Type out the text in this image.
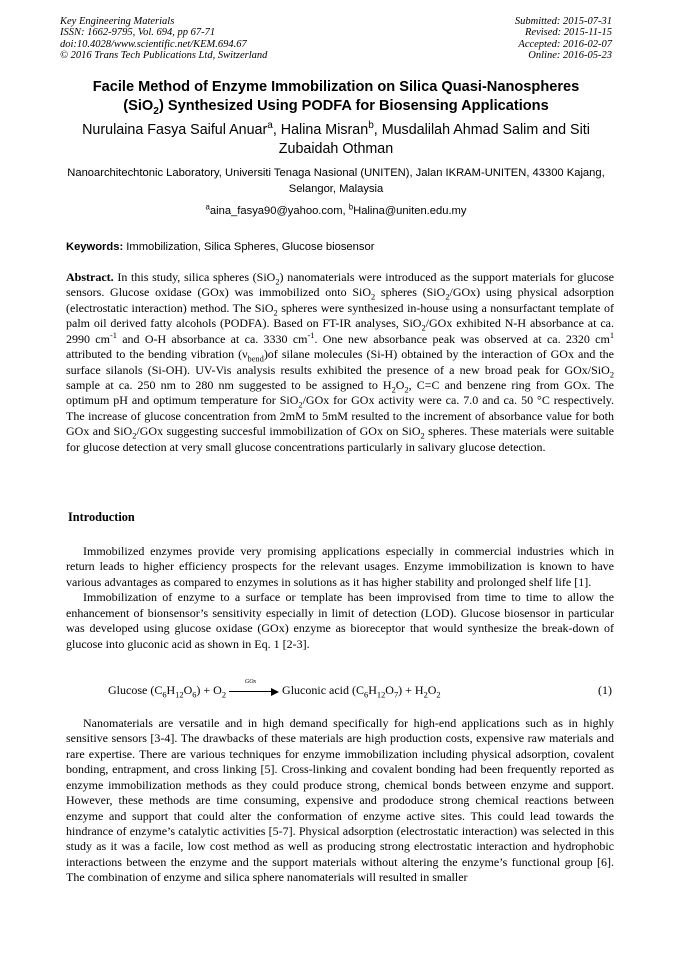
Key Engineering Materials
ISSN: 1662-9795, Vol. 694, pp 67-71
doi:10.4028/www.scientific.net/KEM.694.67
© 2016 Trans Tech Publications Ltd, Switzerland
Submitted: 2015-07-31
Revised: 2015-11-15
Accepted: 2016-02-07
Online: 2016-05-23
Facile Method of Enzyme Immobilization on Silica Quasi-Nanospheres
(SiO$_2$) Synthesized Using PODFA for Biosensing Applications
Nurulaina Fasya Saiful Anuar$^a$, Halina Misran$^b$, Musdalilah Ahmad Salim and Siti Zubaidah Othman
Nanoarchitechtonic Laboratory, Universiti Tenaga Nasional (UNITEN), Jalan IKRAM-UNITEN, 43300 Kajang, Selangor, Malaysia
$^a$aina_fasya90@yahoo.com, $^b$Halina@uniten.edu.my
Keywords: Immobilization, Silica Spheres, Glucose biosensor

Abstract. In this study, silica spheres (SiO$_2$) nanomaterials were introduced as the support materials for glucose sensors. Glucose oxidase (GOx) was immobilized onto SiO$_2$ spheres (SiO$_2$/GOx) using physical adsorption (electrostatic interaction) method. The SiO$_2$ spheres were synthesized in-house using a nonsurfactant template of palm oil derived fatty alcohols (PODFA). Based on FT-IR analyses, SiO$_2$/GOx exhibited N-H absorbance at ca. 2990 $cm^{-1}$ and O-H absorbance at ca. 3330 $cm^{-1}$. One new absorbance peak was observed at ca. 2320 $cm^1$ attributed to the bending vibration $(\nu_{bend})of$ silane molecules (Si-H) obtained by the interaction of GOx and the surface silanols (Si-OH). UV-Vis analysis results exhibited the presence of a new broad peak for GOx/SiO$_2$ sample at ca. 250 nm to 280 nm suggested to be assigned to $H_2O_2$, C=C and benzene ring from GOx. The optimum pH and optimum temperature for SiO$_2$/GOx for GOx activity were ca. 7.0 and ca. 50 °C respectively. The increase of glucose concentration from 2mM to 5mM resulted to the increment of absorbance value for both GOx and SiO$_2$/GOx suggesting succesful immobilization of GOx on SiO$_2$ spheres. These materials were suitable for glucose detection at very small glucose concentrations particularly in salivary glucose detection.

Introduction

Immobilized enzymes provide very promising applications especially in commercial industries which in return leads to higher efficiency prospects for the relevant usages. Enzyme immobilization is known to have various advantages as compared to enzymes in solutions as it has higher stability and prolonged shelf life [1].

Immobilization of enzyme to a surface or template has been improvised from time to time to allow the enhancement of bionsensor’s sensitivity especially in limit of detection (LOD). Glucose biosensor in particular was developed using glucose oxidase (GOx) enzyme as bioreceptor that would synthesize the break-down of glucose into gluconic acid as shown in Eq. 1 [2-3].

Glucose $(C_6H_{12}O_6) + O_2$
GOx
Gluconic acid $(C_6H_{12}O_7) + H_2O_2$	(1)

Nanomaterials are versatile and in high demand specifically for high-end applications such as in highly sensitive sensors [3-4]. The drawbacks of these materials are high production costs, expensive raw materials and rare expertise. There are various techniques for enzyme immobilization including physical adsorption, covalent bonding, entrapment, and cross linking [5]. Cross-linking and covalent bonding had been frequently reported as enzyme immobilization methods as they could produce strong, chemical bonds between enzyme and support. However, these methods are time consuming, expensive and prododuce strong chemical reactions between enzyme and support that could alter the conformation of enzyme active sites. This could lead towards the hindrance of enzyme’s catalytic activities [5-7]. Physical adsorption (electrostatic interaction) was selected in this study as it was a facile, low cost method as well as producing strong electrostatic interaction and hydrophobic interactions between the enzyme and the support materials without altering the enzyme’s functional group [6]. The combination of enzyme and silica sphere nanomaterials will resulted in smaller
